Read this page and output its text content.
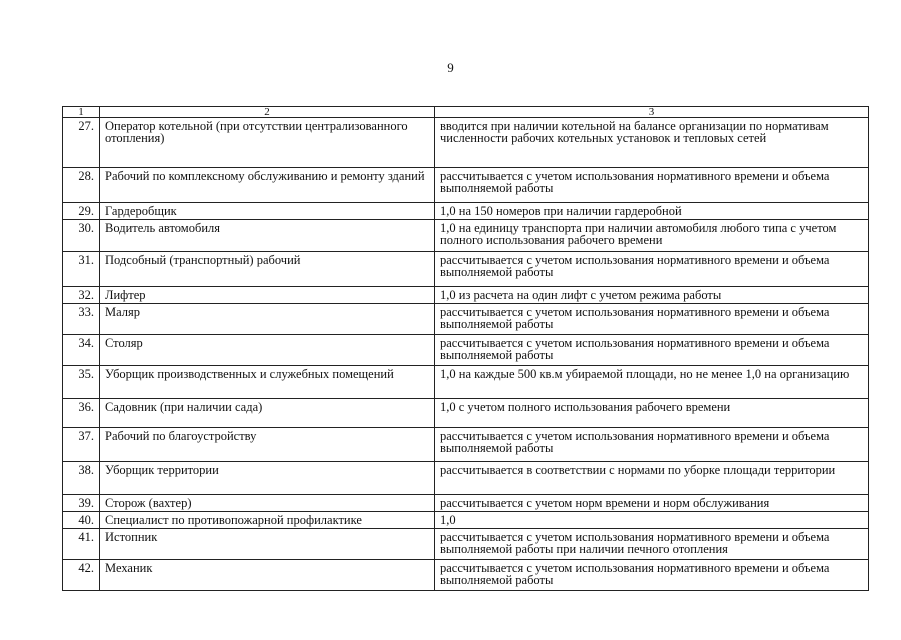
9
1	2	3
27.	Оператор котельной (при отсутствии централизованного отопления)	вводится при наличии котельной на балансе организации по нормативам численности рабочих котельных установок и тепловых сетей
28.	Рабочий по комплексному обслуживанию и ремонту зданий	рассчитывается с учетом использования нормативного времени и объема выполняемой работы
29.	Гардеробщик	1,0 на 150 номеров при наличии гардеробной
30.	Водитель автомобиля	1,0 на единицу транспорта при наличии автомобиля любого типа с учетом полного использования рабочего времени
31.	Подсобный (транспортный) рабочий	рассчитывается с учетом использования нормативного времени и объема выполняемой работы
32.	Лифтер	1,0 из расчета на один лифт с учетом режима работы
33.	Маляр	рассчитывается с учетом использования нормативного времени и объема выполняемой работы
34.	Столяр	рассчитывается с учетом использования нормативного времени и объема выполняемой работы
35.	Уборщик производственных и служебных помещений	1,0 на каждые 500 кв.м убираемой площади, но не менее 1,0 на организацию
36.	Садовник (при наличии сада)	1,0 с учетом полного использования рабочего времени
37.	Рабочий по благоустройству	рассчитывается с учетом использования нормативного времени и объема выполняемой работы
38.	Уборщик территории	рассчитывается в соответствии с нормами по уборке площади территории
39.	Сторож (вахтер)	рассчитывается с учетом норм времени и норм обслуживания
40.	Специалист по противопожарной профилактике	1,0
41.	Истопник	рассчитывается с учетом использования нормативного времени и объема выполняемой работы при наличии печного отопления
42.	Механик	рассчитывается с учетом использования нормативного времени и объема выполняемой работы
